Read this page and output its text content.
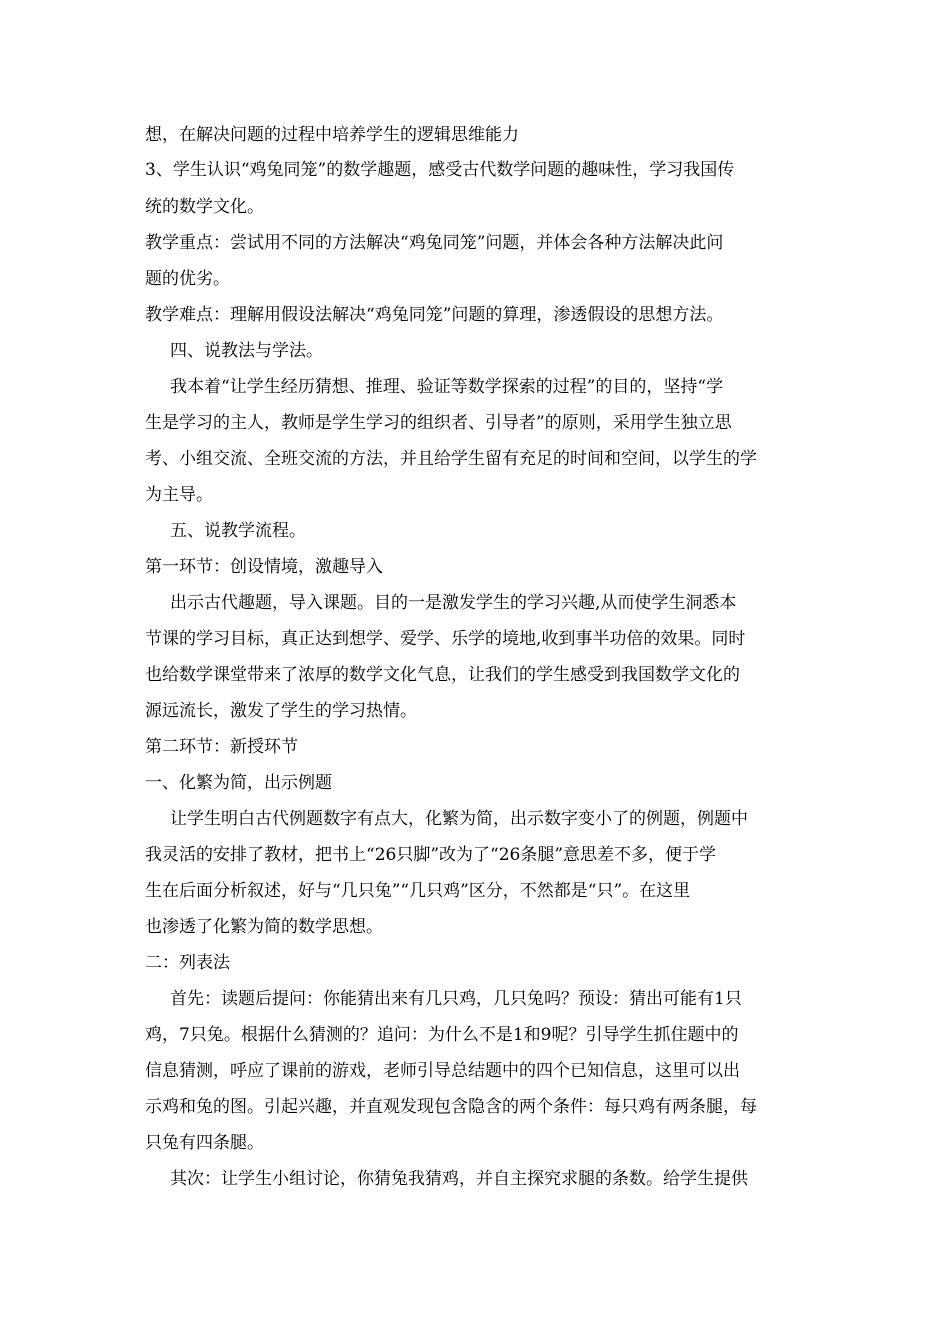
想，在解决问题的过程中培养学生的逻辑思维能力
3、学生认识“鸡兔同笼”的数学趣题，感受古代数学问题的趣味性，学习我国传
统的数学文化。
教学重点：尝试用不同的方法解决“鸡兔同笼”问题，并体会各种方法解决此问
题的优劣。
教学难点：理解用假设法解决“鸡兔同笼”问题的算理，渗透假设的思想方法。
四、说教法与学法。
我本着“让学生经历猜想、推理、验证等数学探索的过程”的目的，坚持“学
生是学习的主人，教师是学生学习的组织者、引导者”的原则，采用学生独立思
考、小组交流、全班交流的方法，并且给学生留有充足的时间和空间，以学生的学
为主导。
五、说教学流程。
第一环节：创设情境，激趣导入
出示古代趣题，导入课题。目的一是激发学生的学习兴趣,从而使学生洞悉本
节课的学习目标，真正达到想学、爱学、乐学的境地,收到事半功倍的效果。同时
也给数学课堂带来了浓厚的数学文化气息，让我们的学生感受到我国数学文化的
源远流长，激发了学生的学习热情。
第二环节：新授环节
一、化繁为简，出示例题
让学生明白古代例题数字有点大，化繁为简，出示数字变小了的例题，例题中
我灵活的安排了教材，把书上“26只脚”改为了“26条腿”意思差不多，便于学
生在后面分析叙述，好与“几只兔”“几只鸡”区分，不然都是“只”。在这里
也渗透了化繁为简的数学思想。
二：列表法
首先：读题后提问：你能猜出来有几只鸡，几只兔吗？预设：猜出可能有1只
鸡，7只兔。根据什么猜测的？追问：为什么不是1和9呢？引导学生抓住题中的
信息猜测，呼应了课前的游戏，老师引导总结题中的四个已知信息，这里可以出
示鸡和兔的图。引起兴趣，并直观发现包含隐含的两个条件：每只鸡有两条腿，每
只兔有四条腿。
其次：让学生小组讨论，你猜兔我猜鸡，并自主探究求腿的条数。给学生提供
